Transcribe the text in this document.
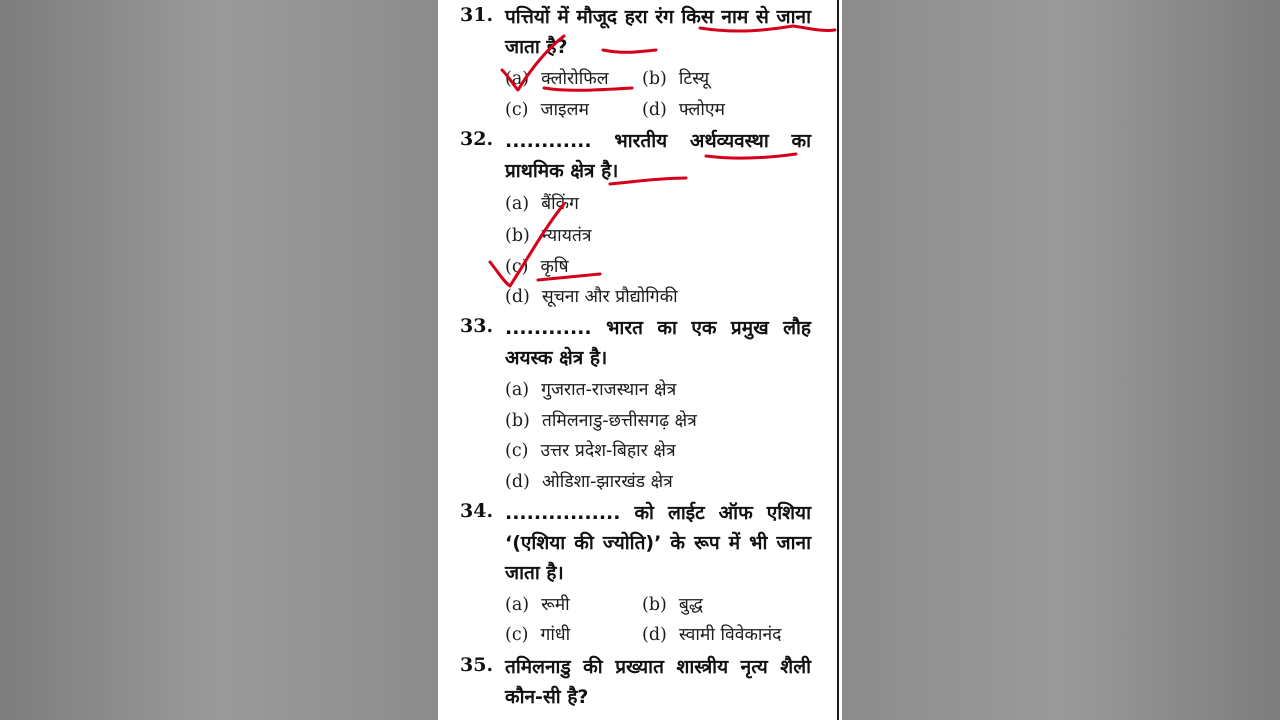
31. पत्तियों में मौजूद हरा रंग किस नाम से जाना जाता है?
(a) क्लोरोफिल (b) टिस्यू
(c) जाइलम	(d) फ्लोएम
32. ............ भारतीय अर्थव्यवस्था का प्राथमिक क्षेत्र है।
(a) बैंकिंग
(b) न्यायतंत्र
(c) कृषि
(d) सूचना और प्रौद्योगिकी
33. ............ भारत का एक प्रमुख लौह अयस्क क्षेत्र है।
(a) गुजरात-राजस्थान क्षेत्र
(b) तमिलनाडु-छत्तीसगढ़ क्षेत्र
(c) उत्तर प्रदेश-बिहार क्षेत्र
(d) ओडिशा-झारखंड क्षेत्र
34. ................ को लाईट ऑफ एशिया ‘(एशिया की ज्योति)’ के रूप में भी जाना जाता है।
(a) रूमी	(b) बुद्ध
(c) गांधी	(d) स्वामी विवेकानंद
35. तमिलनाडु की प्रख्यात शास्त्रीय नृत्य शैली कौन-सी है?
